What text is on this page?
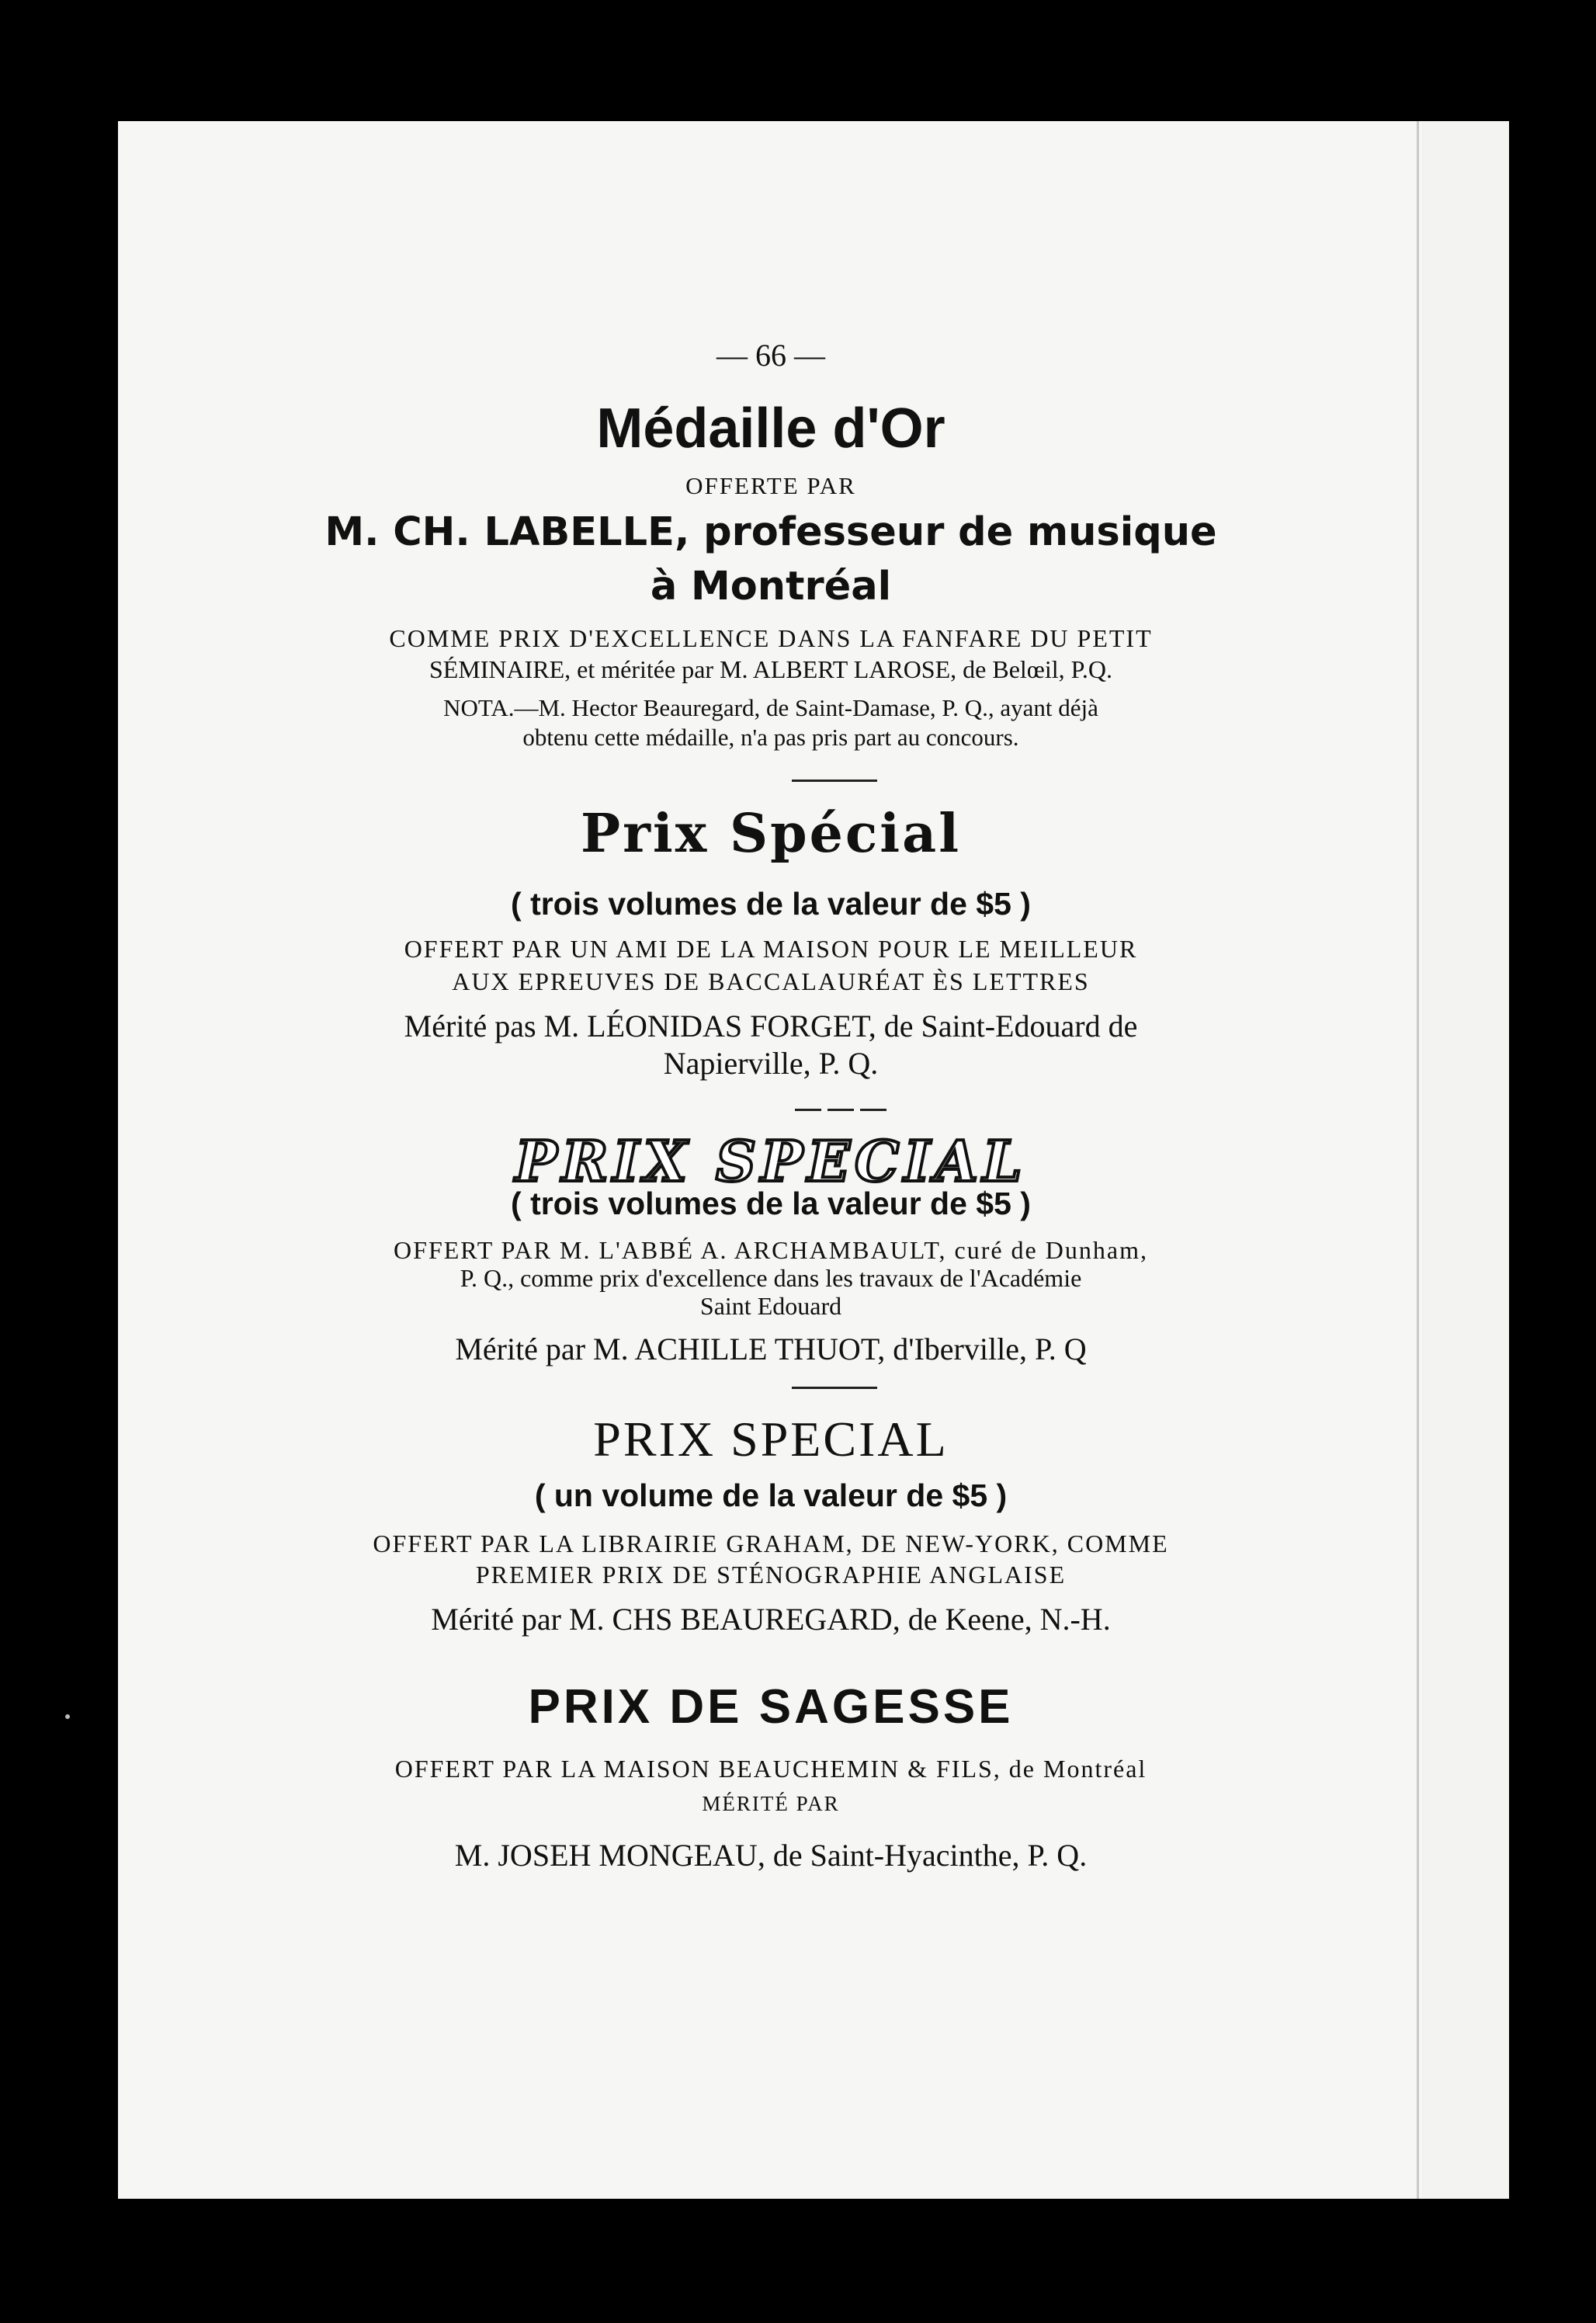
— 66 —
Médaille d'Or
OFFERTE PAR
M. CH. LABELLE, professeur de musique
à Montréal
COMME PRIX D'EXCELLENCE DANS LA FANFARE DU PETIT
SÉMINAIRE, et méritée par M. ALBERT LAROSE, de Belœil, P.Q.
NOTA.—M. Hector Beauregard, de Saint-Damase, P. Q., ayant déjà
obtenu cette médaille, n'a pas pris part au concours.
Prix Spécial
( trois volumes de la valeur de $5 )
OFFERT PAR UN AMI DE LA MAISON POUR LE MEILLEUR
AUX EPREUVES DE BACCALAURÉAT ÈS LETTRES
Mérité pas M. LÉONIDAS FORGET, de Saint-Edouard de
Napierville, P. Q.
PRIX SPECIAL
( trois volumes de la valeur de $5 )
OFFERT PAR M. L'ABBÉ A. ARCHAMBAULT, curé de Dunham,
P. Q., comme prix d'excellence dans les travaux de l'Académie
Saint Edouard
Mérité par M. ACHILLE THUOT, d'Iberville, P. Q
PRIX SPECIAL
( un volume de la valeur de $5 )
OFFERT PAR LA LIBRAIRIE GRAHAM, DE NEW-YORK, COMME
PREMIER PRIX DE STÉNOGRAPHIE ANGLAISE
Mérité par M. CHS BEAUREGARD, de Keene, N.-H.
PRIX DE SAGESSE
OFFERT PAR LA MAISON BEAUCHEMIN & FILS, de Montréal
MÉRITÉ PAR
M. JOSEH MONGEAU, de Saint-Hyacinthe, P. Q.
